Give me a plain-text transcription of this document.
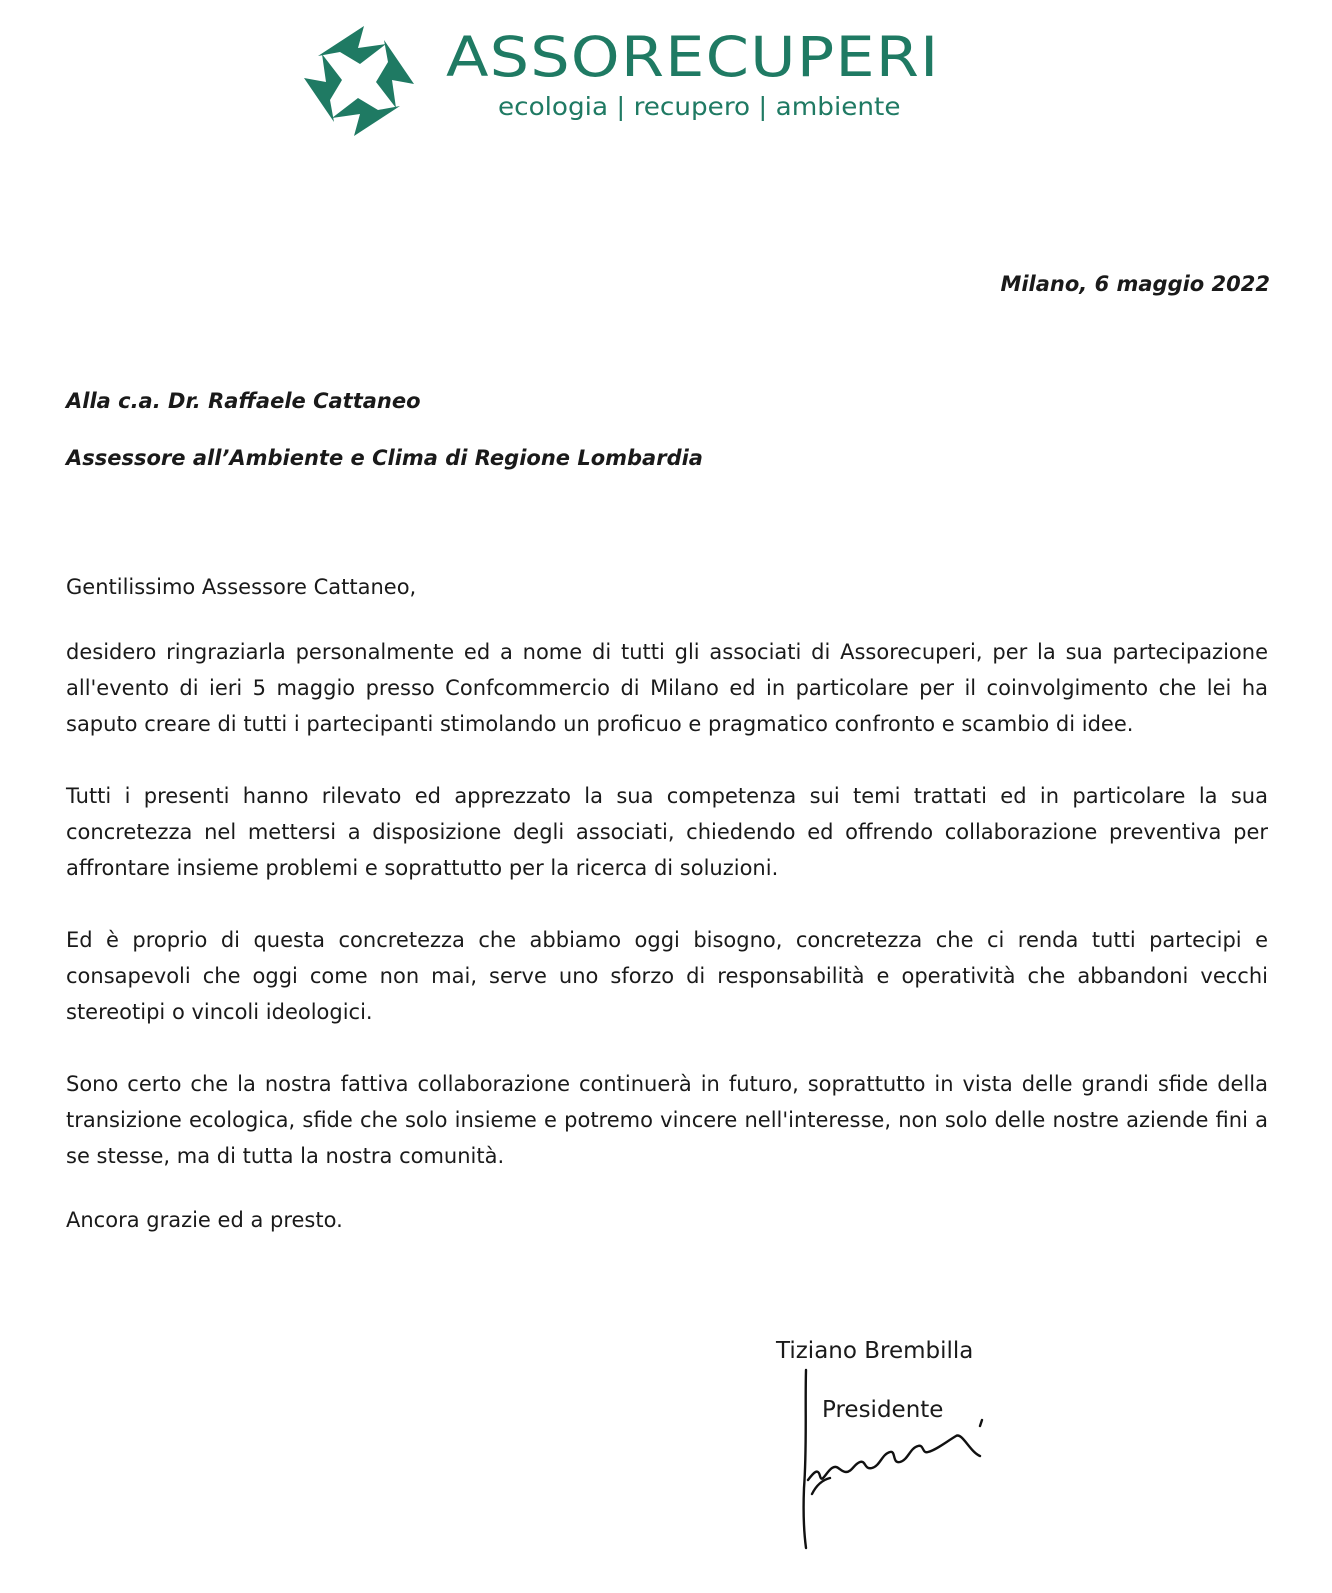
ASSORECUPERI
ecologia | recupero | ambiente
Milano, 6 maggio 2022
Alla c.a. Dr. Raffaele Cattaneo
Assessore all’Ambiente e Clima di Regione Lombardia
Gentilissimo Assessore Cattaneo,

desidero ringraziarla personalmente ed a nome di tutti gli associati di Assorecuperi, per la sua partecipazione all'evento di ieri 5 maggio presso Confcommercio di Milano ed in particolare per il coinvolgimento che lei ha saputo creare di tutti i partecipanti stimolando un proficuo e pragmatico confronto e scambio di idee.

Tutti i presenti hanno rilevato ed apprezzato la sua competenza sui temi trattati ed in particolare la sua concretezza nel mettersi a disposizione degli associati, chiedendo ed offrendo collaborazione preventiva per affrontare insieme problemi e soprattutto per la ricerca di soluzioni.

Ed è proprio di questa concretezza che abbiamo oggi bisogno, concretezza che ci renda tutti partecipi e consapevoli che oggi come non mai, serve uno sforzo di responsabilità e operatività che abbandoni vecchi stereotipi o vincoli ideologici.

Sono certo che la nostra fattiva collaborazione continuerà in futuro, soprattutto in vista delle grandi sfide della transizione ecologica, sfide che solo insieme e potremo vincere nell'interesse, non solo delle nostre aziende fini a se stesse, ma di tutta la nostra comunità.

Ancora grazie ed a presto.
Tiziano Brembilla
Presidente
